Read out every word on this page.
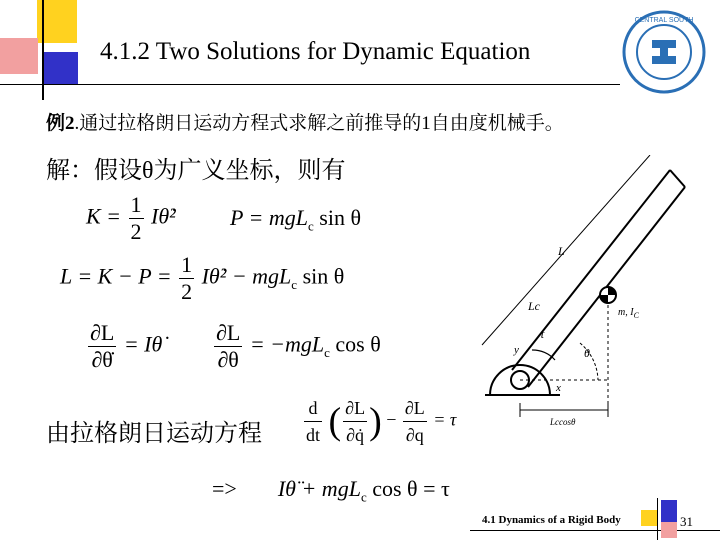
4.1.2 Two Solutions for Dynamic Equation
CENTRAL SOUTH
例2.通过拉格朗日运动方程式求解之前推导的1自由度机械手。
解：假设θ为广义坐标，则有
$K = \frac{1}{2}$ Iθ̇² P = mgL$_c$ sin θ
$L = K - P = \frac{1}{2}$ Iθ̇² − mgL$_c$ sin θ
$\frac{\partial L}{\partial\thetȧ}$ = Iθ̇ $\frac{\partial L}{\partial\theta} = -mgL_c$ cos θ
由拉格朗日运动方程 $\frac{d}{dt}$ ( $\frac{\partial L}{\partial q̇}$ ) − $\frac{\partial L}{\partial q} = \tau$
=> Iθ̈ + mgL$_c$ cos θ = τ
L
Lc	m, $I_C$
x
y
τ
θ
Lccosθ
4.1 Dynamics of a Rigid Body	31
